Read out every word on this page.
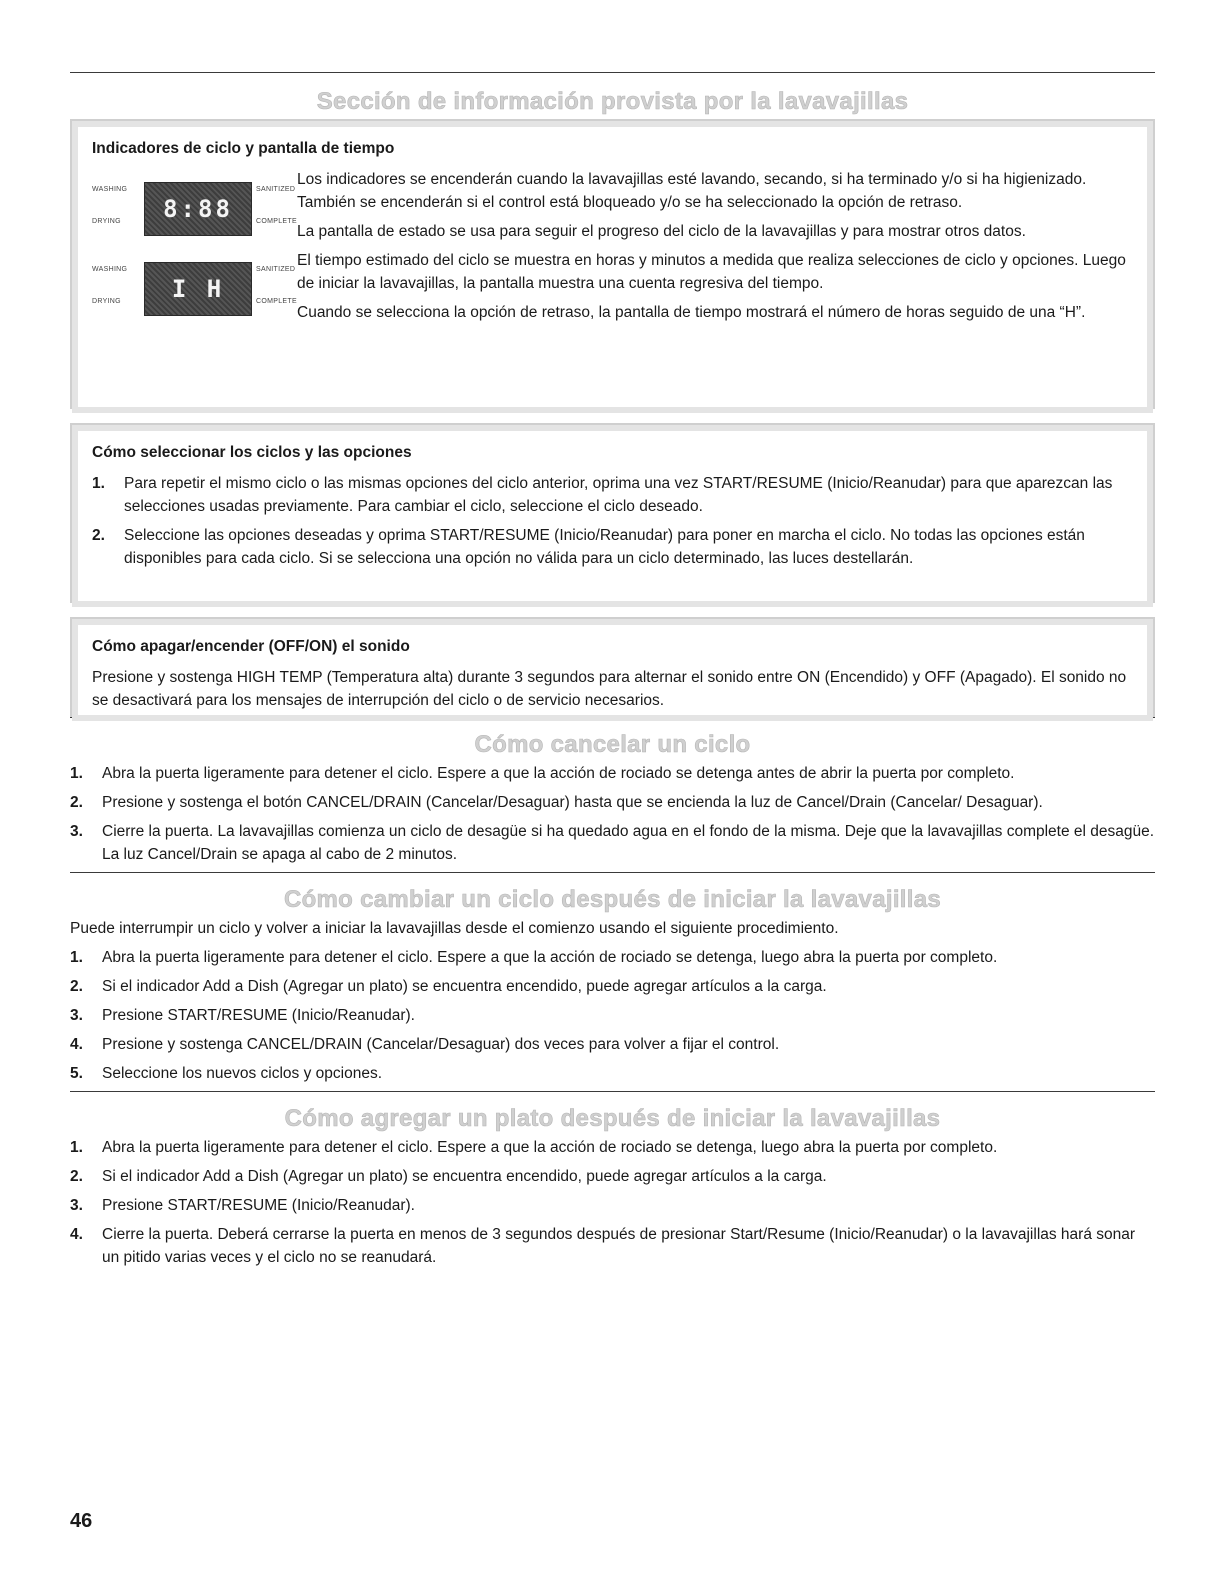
Sección de información provista por la lavavajillas
Indicadores de ciclo y pantalla de tiempo
WASHING
DRYING	8:88
SANITIZED
COMPLETE
WASHING
DRYING	I H
SANITIZED
COMPLETE

Los indicadores se encenderán cuando la lavavajillas esté lavando, secando, si ha terminado y/o si ha higienizado. También se encenderán si el control está bloqueado y/o se ha seleccionado la opción de retraso.

La pantalla de estado se usa para seguir el progreso del ciclo de la lavavajillas y para mostrar otros datos.

El tiempo estimado del ciclo se muestra en horas y minutos a medida que realiza selecciones de ciclo y opciones. Luego de iniciar la lavavajillas, la pantalla muestra una cuenta regresiva del tiempo.

Cuando se selecciona la opción de retraso, la pantalla de tiempo mostrará el número de horas seguido de una “H”.

Cómo seleccionar los ciclos y las opciones
1. Para repetir el mismo ciclo o las mismas opciones del ciclo anterior, oprima una vez START/RESUME (Inicio/Reanudar) para que aparezcan las selecciones usadas previamente. Para cambiar el ciclo, seleccione el ciclo deseado.
2. Seleccione las opciones deseadas y oprima START/RESUME (Inicio/Reanudar) para poner en marcha el ciclo. No todas las opciones están disponibles para cada ciclo. Si se selecciona una opción no válida para un ciclo determinado, las luces destellarán.
Cómo apagar/encender (OFF/ON) el sonido

Presione y sostenga HIGH TEMP (Temperatura alta) durante 3 segundos para alternar el sonido entre ON (Encendido) y OFF (Apagado). El sonido no se desactivará para los mensajes de interrupción del ciclo o de servicio necesarios.

Cómo cancelar un ciclo
1. Abra la puerta ligeramente para detener el ciclo. Espere a que la acción de rociado se detenga antes de abrir la puerta por completo.
2. Presione y sostenga el botón CANCEL/DRAIN (Cancelar/Desaguar) hasta que se encienda la luz de Cancel/Drain (Cancelar/ Desaguar).
3. Cierre la puerta. La lavavajillas comienza un ciclo de desagüe si ha quedado agua en el fondo de la misma. Deje que la lavavajillas complete el desagüe. La luz Cancel/Drain se apaga al cabo de 2 minutos.
Cómo cambiar un ciclo después de iniciar la lavavajillas

Puede interrumpir un ciclo y volver a iniciar la lavavajillas desde el comienzo usando el siguiente procedimiento.

1. Abra la puerta ligeramente para detener el ciclo. Espere a que la acción de rociado se detenga, luego abra la puerta por completo.
2. Si el indicador Add a Dish (Agregar un plato) se encuentra encendido, puede agregar artículos a la carga.
3. Presione START/RESUME (Inicio/Reanudar).
4. Presione y sostenga CANCEL/DRAIN (Cancelar/Desaguar) dos veces para volver a fijar el control.
5. Seleccione los nuevos ciclos y opciones.
Cómo agregar un plato después de iniciar la lavavajillas
1. Abra la puerta ligeramente para detener el ciclo. Espere a que la acción de rociado se detenga, luego abra la puerta por completo.
2. Si el indicador Add a Dish (Agregar un plato) se encuentra encendido, puede agregar artículos a la carga.
3. Presione START/RESUME (Inicio/Reanudar).
4. Cierre la puerta. Deberá cerrarse la puerta en menos de 3 segundos después de presionar Start/Resume (Inicio/Reanudar) o la lavavajillas hará sonar un pitido varias veces y el ciclo no se reanudará.
46
